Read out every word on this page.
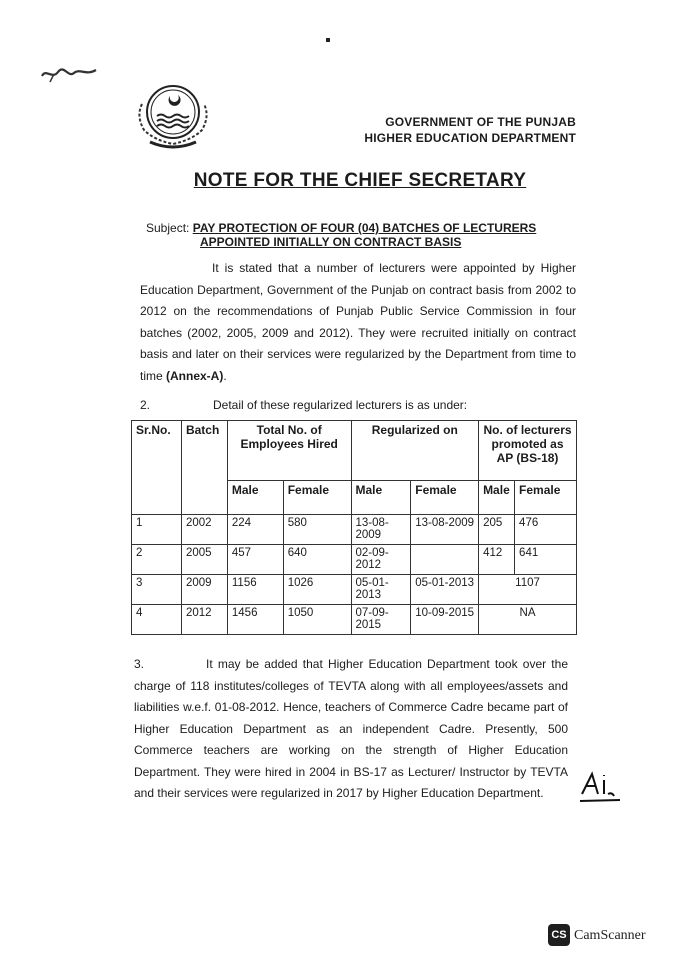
GOVERNMENT OF THE PUNJAB
HIGHER EDUCATION DEPARTMENT
NOTE FOR THE CHIEF SECRETARY
Subject: PAY PROTECTION OF FOUR (04) BATCHES OF LECTURERS
APPOINTED INITIALLY ON CONTRACT BASIS
It is stated that a number of lecturers were appointed by Higher Education Department, Government of the Punjab on contract basis from 2002 to 2012 on the recommendations of Punjab Public Service Commission in four batches (2002, 2005, 2009 and 2012). They were recruited initially on contract basis and later on their services were regularized by the Department from time to time (Annex-A).
2.	Detail of these regularized lecturers is as under:
Sr.No.	Batch	Total No. of Employees Hired		Regularized on		No. of lecturers promoted as AP (BS-18)	
		Male	Female	Male	Female	Male	Female
1	2002	224	580	13-08-2009	13-08-2009	205	476
2	2005	457	640	02-09-2012		412	641
3	2009	1156	1026	05-01-2013	05-01-2013	1107	
4	2012	1456	1050	07-09-2015	10-09-2015	NA	
3.	It may be added that Higher Education Department took over the charge of 118 institutes/colleges of TEVTA along with all employees/assets and liabilities w.e.f. 01-08-2012. Hence, teachers of Commerce Cadre became part of Higher Education Department as an independent Cadre. Presently, 500 Commerce teachers are working on the strength of Higher Education Department. They were hired in 2004 in BS-17 as Lecturer/ Instructor by TEVTA and their services were regularized in 2017 by Higher Education Department.
CS CamScanner
